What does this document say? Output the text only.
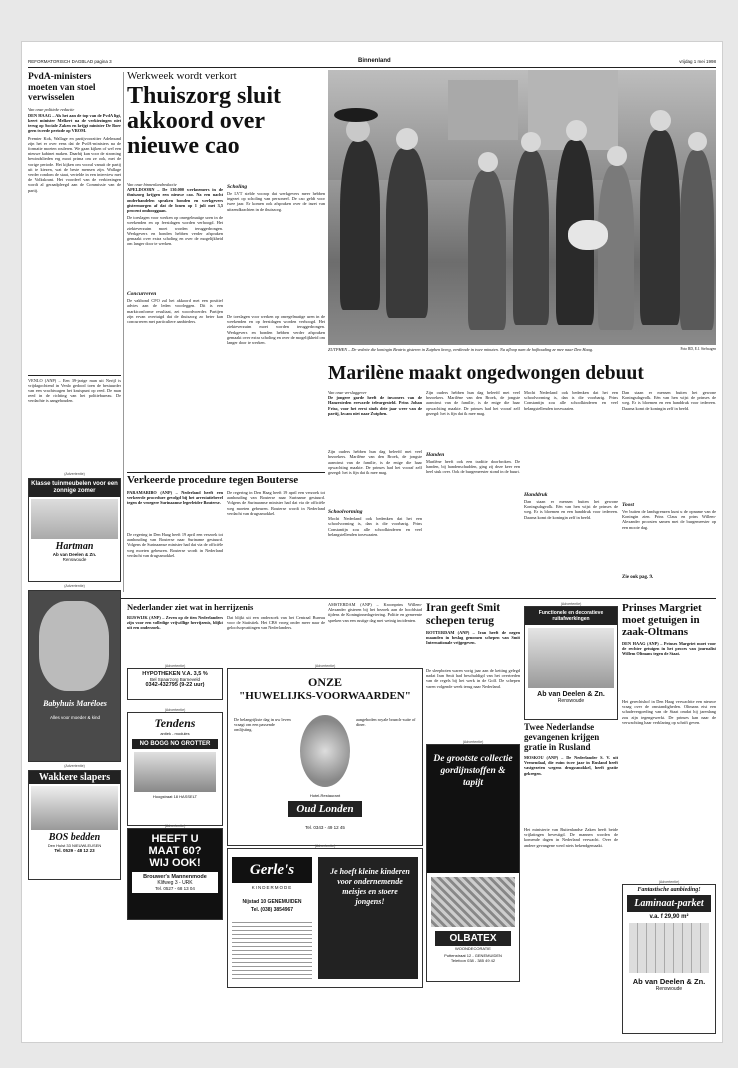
REFORMATORISCH DAGBLAD pagina 3	Binnenland	vrijdag 1 mei 1998
PvdA-ministers moeten van stoel verwisselen
Van onze politieke redactie
DEN HAAG – Als het aan de top van de PvdA ligt, keert minister Melkert na de verkiezingen niet terug op Sociale Zaken en krijgt minister De Boer geen tweede periode op VROM.
Premier Kok, Wallage en partijvoorzitter Adelmund zijn het er over eens dat de PvdA-ministers na de formatie moeten rouleren. We gaan kijken of wel een nieuwe kabinet maken. Daarbij kan voor de stroming bewindslieden erg mooi prima om ze ook, met de vorige periode. Het kijken om vooral vanuit de partij uit te kiezen, wat de beste mensen zijn. Wallage verder rondom de staat, vertelde in een interview met de Volkskrant. Het voordeel van de verkiezingen wordt al geraadpleegd aan de Commissie van de partij.
VENLO (ANP) – Een 39-jarige man uit Nerijl is vrijdagochtend in Venlo gedood toen de bestuurder van een vrachtwagen het kruispunt op reed. De man reed in de richting van het politiebureau. De verdachte is aangehouden.
Werkweek wordt verkort
Thuiszorg sluit akkoord over nieuwe cao
Van onze binnenlandredactie
APELDOORN – De 130.000 werknemers in de thuiszorg krijgen een nieuwe cao. Na een nacht onderhandelen spraken bonden en werkgevers gistermorgen af dat de lonen op 1 juli met 3,5 procent omhooggaan.
De toeslagen voor werken op onregelmatige uren in de weekenden en op feestdagen worden verhoogd. Het ziekteverzuim moet worden teruggedrongen. Werkgevers en bonden hebben verder afspraken gemaakt over extra scholing en over de mogelijkheid om langer door te werken.
Concurreren
De vakbond CFO zal het akkoord met een positief advies aan de leden voorleggen. Dit is een marktconforme resultaat, zei woordvoerder. Partijen zijn ervan overtuigd dat de thuiszorg zo beter kan concurreren met particuliere aanbieders.
Scholing
De LVT stelde voorop dat werkgevers meer hebben ingezet op scholing van personeel. De cao geldt voor twee jaar. Er komen ook afspraken over de inzet van uitzendkrachten in de thuiszorg.
De toeslagen voor werken op onregelmatige uren in de weekenden en op feestdagen worden verhoogd. Het ziekteverzuim moet worden teruggedrongen. Werkgevers en bonden hebben verder afspraken gemaakt over extra scholing en over de mogelijkheid om langer door te werken.
ZUTPHEN – De vedette die koningin Beatrix gisteren in Zutphen kreeg, verdiende in twee minuten. Na afloop nam de hofhouding ze mee naar Den Haag.	Foto RD, E.J. Stelwagen
Marilène maakt ongedwongen debuut
Van onze verslaggever
De jongere garde heeft de inwoners van de Hanzesteden erevarde teleurgesteld. Prins Johan Friso, voor het eerst sinds drie jaar weer van de partij, kwam niet naar Zutphen.
Zijn ouders hebben hun dag beleefd met veel bezoekers. Marilène van den Broek, de jongste aanwinst van de familie, is de enige die haar opwachting maakte. De prinses had het vooraf zelf gezegd: het is fijn dat ik mee mag.
Schoolvorming
Mocht Nederland ook bedenken dat het een schoolvorming is, dan is die voorbarig. Prins Constantijn zou alle schoolkinderen en veel belangstellenden toezwaaien.
Zijn ouders hebben hun dag beleefd met veel bezoekers. Marilène van den Broek, de jongste aanwinst van de familie, is de enige die haar opwachting maakte. De prinses had het vooraf zelf gezegd: het is fijn dat ik mee mag.
Handen
Marilène heeft ook een traditie doorbroken. De handen, bij handenschudden, ging zij deze keer een heel stuk over. Ook de burgemeester stond in de buurt.
Mocht Nederland ook bedenken dat het een schoolvorming is, dan is die voorbarig. Prins Constantijn zou alle schoolkinderen en veel belangstellenden toezwaaien.
Handdruk
Dan staan er mensen buiten het gewone Koningsdagvolk. Eén van hen wijst de prinses de weg. Er is bloemen en een handdruk voor iedereen. Daarna komt de koningin zelf in beeld.
Dan staan er mensen buiten het gewone Koningsdagvolk. Eén van hen wijst de prinses de weg. Er is bloemen en een handdruk voor iedereen. Daarna komt de koningin zelf in beeld.
Toost
Ver buiten de landsgrenzen kunt u de opname van de Koningin zien. Prins Claus en prins Willem-Alexander proosten samen met de burgemeester op een mooie dag.
Zie ook pag. 9.
Verkeerde procedure tegen Bouterse
PARAMARIBO (ANP) – Nederland heeft een verkeerde procedure gevolgd bij het arrestatiebevel tegen de vroegere Surinaamse legerleider Bouterse.
De regering in Den Haag heeft 19 april een verzoek tot aanhouding van Bouterse naar Suriname gestuurd. Volgens de Surinaamse minister had dat via de officiële weg moeten gebeuren. Bouterse wordt in Nederland verdacht van drugssmokkel.
De regering in Den Haag heeft 19 april een verzoek tot aanhouding van Bouterse naar Suriname gestuurd. Volgens de Surinaamse minister had dat via de officiële weg moeten gebeuren. Bouterse wordt in Nederland verdacht van drugssmokkel.
(Advertentie)
Klasse tuinmeubelen voor een zonnige zomer
Hartman
Ab van Deelen & Zn.
Renswoude
(Advertentie)
Babyhuis Maréloes
Alles voor moeder & kind
(Advertentie)
Wakkere slapers
BOS bedden
Den Hulst 33 NIEUWLEUSEN
Tel. 0529 - 48 12 23
Nederlander ziet wat in herrijzenis
RIJSWIJK (ANP) – Zeven op de tien Nederlanders zijn voor een volledige vrijwillige herrijzenis, blijkt uit een onderzoek.
Dat blijkt uit een onderzoek van het Centraal Bureau voor de Statistiek. Het CBS vroeg onder meer naar de geloofsopvattingen van Nederlanders.
AMSTERDAM (ANP) – Kroonprins Willem-Alexander gisteren bij het bezoek aan de hoofdstad tijdens de Koninginnedagviering. Politie en gemeente spreken van een rustige dag met weinig incidenten.
(Advertentie)
HYPOTHEKEN V.A. 3,5 %
Bel Spaarzorg Barneveld
0342-432795 (9-22 uur)
(Advertentie)
Tendens
antiek - modules
NO BOGG NO GROTTER
Hoogstraat 18 HASSELT
(Advertentie)
HEEFT U
MAAT 60?
WIJ OOK!
Brouwer's Mannenmode
Klifweg 3 - URK
Tel. 0527 - 68 13 04
(Advertentie)
ONZE
"HUWELIJKS-VOORWAARDEN"
De belangrijkste dag in uw leven vraagt om een passende omlijsting.
aangeboden royale brunch-suite of diner.
Hotel-Restaurant
Oud Londen
Tel. 0343 - 49 12 45
(Advertentie)
Gerle's
KINDERMODE
Nijstad 10 GENEMUIDEN
Tel. (038) 3854967
Je hoeft kleine kinderen voor ondernemende meisjes en stoere jongens!
Iran geeft Smit schepen terug
ROTTERDAM (ANP) – Iran heeft de negen maanden in beslag genomen schepen van Smit Internationale vrijgegeven.
De sleepboten waren vorig jaar aan de ketting gelegd nadat Iran Smit had beschuldigd van het overtreden van de regels bij het werk in de Golf. De schepen varen volgende week terug naar Nederland.
(Advertentie)
De grootste collectie gordijnstoffen & tapijt
OLBATEX
WOONDECORATIE
Puttenstraat 12 - GENEMUIDEN
Telefoon 038 - 385 49 42
(Advertentie)
Functionele en decoratieve ruitafwerkingen
Ab van Deelen & Zn.
Renswoude
Twee Nederlandse gevangenen krijgen gratie in Rusland
MOSKOU (ANP) – De Nederlander S. V. uit Veenendaal, die ruim twee jaar in Rusland heeft vastgezeten wegens drugssmokkel, heeft gratie gekregen.
Het ministerie van Buitenlandse Zaken heeft beide vrijlatingen bevestigd. De mannen worden de komende dagen in Nederland verwacht. Over de andere gevangene werd niets bekendgemaakt.
Prinses Margriet moet getuigen in zaak-Oltmans
DEN HAAG (ANP) – Prinses Margriet moet voor de rechter getuigen in het proces van journalist Willem Oltmans tegen de Staat.
Het gerechtshof in Den Haag verwachtte een nieuwe vraag over de omstandigheden. Oltmans eist een schadevergoeding van de Staat omdat hij jarenlang zou zijn tegengewerkt. De prinses kan naar de verwachting haar verklaring op schrift geven.
(Advertentie)
Fantastische aanbieding!
Laminaat-parket
v.a. f 29,90 m²
Ab van Deelen & Zn.
Renswoude
